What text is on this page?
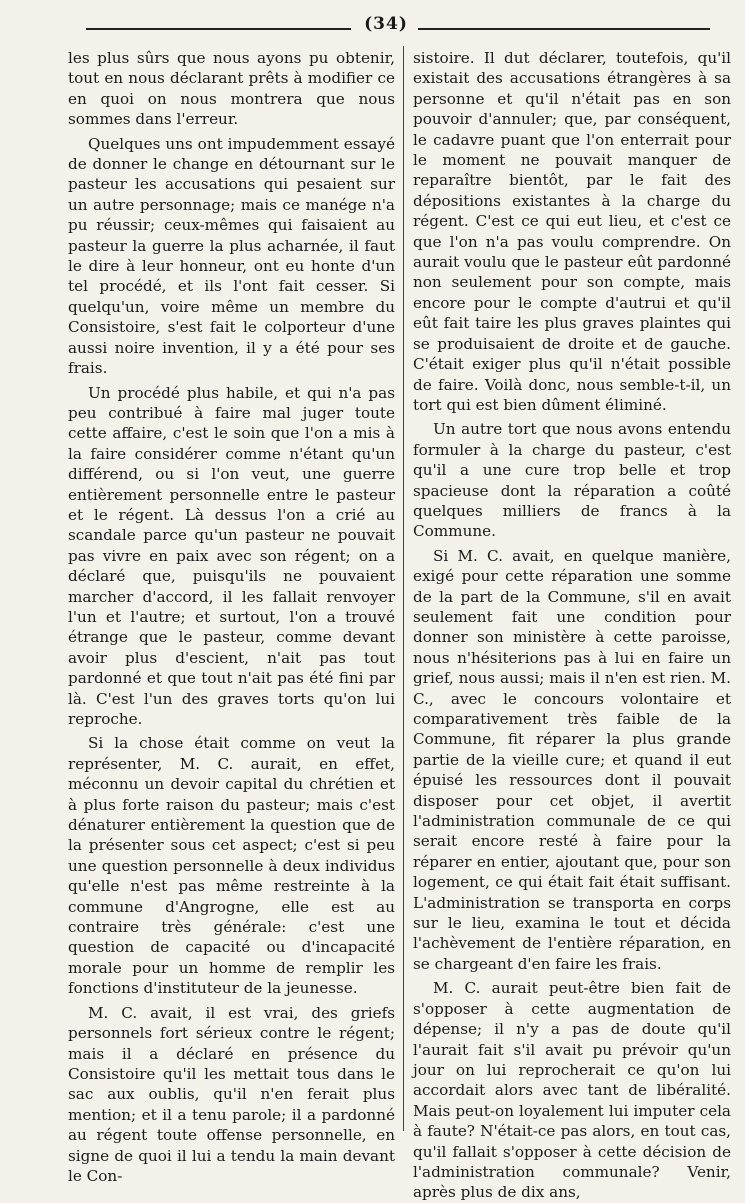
(34)

les plus sûrs que nous ayons pu obtenir, tout en nous déclarant prêts à modifier ce en quoi on nous montrera que nous sommes dans l'erreur.

Quelques uns ont impudemment essayé de donner le change en détournant sur le pasteur les accusations qui pesaient sur un autre personnage; mais ce manége n'a pu réussir; ceux-mêmes qui faisaient au pasteur la guerre la plus acharnée, il faut le dire à leur honneur, ont eu honte d'un tel procédé, et ils l'ont fait cesser. Si quelqu'un, voire même un membre du Consistoire, s'est fait le colporteur d'une aussi noire invention, il y a été pour ses frais.

Un procédé plus habile, et qui n'a pas peu contribué à faire mal juger toute cette affaire, c'est le soin que l'on a mis à la faire considérer comme n'étant qu'un différend, ou si l'on veut, une guerre entièrement personnelle entre le pasteur et le régent. Là dessus l'on a crié au scandale parce qu'un pasteur ne pouvait pas vivre en paix avec son régent; on a déclaré que, puisqu'ils ne pouvaient marcher d'accord, il les fallait renvoyer l'un et l'autre; et surtout, l'on a trouvé étrange que le pasteur, comme devant avoir plus d'escient, n'ait pas tout pardonné et que tout n'ait pas été fini par là. C'est l'un des graves torts qu'on lui reproche.

Si la chose était comme on veut la représenter, M. C. aurait, en effet, méconnu un devoir capital du chrétien et à plus forte raison du pasteur; mais c'est dénaturer entièrement la question que de la présenter sous cet aspect; c'est si peu une question personnelle à deux individus qu'elle n'est pas même restreinte à la commune d'Angrogne, elle est au contraire très générale: c'est une question de capacité ou d'incapacité morale pour un homme de remplir les fonctions d'instituteur de la jeunesse.

M. C. avait, il est vrai, des griefs personnels fort sérieux contre le régent; mais il a déclaré en présence du Consistoire qu'il les mettait tous dans le sac aux oublis, qu'il n'en ferait plus mention; et il a tenu parole; il a pardonné au régent toute offense personnelle, en signe de quoi il lui a tendu la main devant le Con-

sistoire. Il dut déclarer, toutefois, qu'il existait des accusations étrangères à sa personne et qu'il n'était pas en son pouvoir d'annuler; que, par conséquent, le cadavre puant que l'on enterrait pour le moment ne pouvait manquer de reparaître bientôt, par le fait des dépositions existantes à la charge du régent. C'est ce qui eut lieu, et c'est ce que l'on n'a pas voulu comprendre. On aurait voulu que le pasteur eût pardonné non seulement pour son compte, mais encore pour le compte d'autrui et qu'il eût fait taire les plus graves plaintes qui se produisaient de droite et de gauche. C'était exiger plus qu'il n'était possible de faire. Voilà donc, nous semble-t-il, un tort qui est bien dûment éliminé.

Un autre tort que nous avons entendu formuler à la charge du pasteur, c'est qu'il a une cure trop belle et trop spacieuse dont la réparation a coûté quelques milliers de francs à la Commune.

Si M. C. avait, en quelque manière, exigé pour cette réparation une somme de la part de la Commune, s'il en avait seulement fait une condition pour donner son ministère à cette paroisse, nous n'hésiterions pas à lui en faire un grief, nous aussi; mais il n'en est rien. M. C., avec le concours volontaire et comparativement très faible de la Commune, fit réparer la plus grande partie de la vieille cure; et quand il eut épuisé les ressources dont il pouvait disposer pour cet objet, il avertit l'administration communale de ce qui serait encore resté à faire pour la réparer en entier, ajoutant que, pour son logement, ce qui était fait était suffisant. L'administration se transporta en corps sur le lieu, examina le tout et décida l'achèvement de l'entière réparation, en se chargeant d'en faire les frais.

M. C. aurait peut-être bien fait de s'opposer à cette augmentation de dépense; il n'y a pas de doute qu'il l'aurait fait s'il avait pu prévoir qu'un jour on lui reprocherait ce qu'on lui accordait alors avec tant de libéralité. Mais peut-on loyalement lui imputer cela à faute? N'était-ce pas alors, en tout cas, qu'il fallait s'opposer à cette décision de l'administration communale? Venir, après plus de dix ans,
